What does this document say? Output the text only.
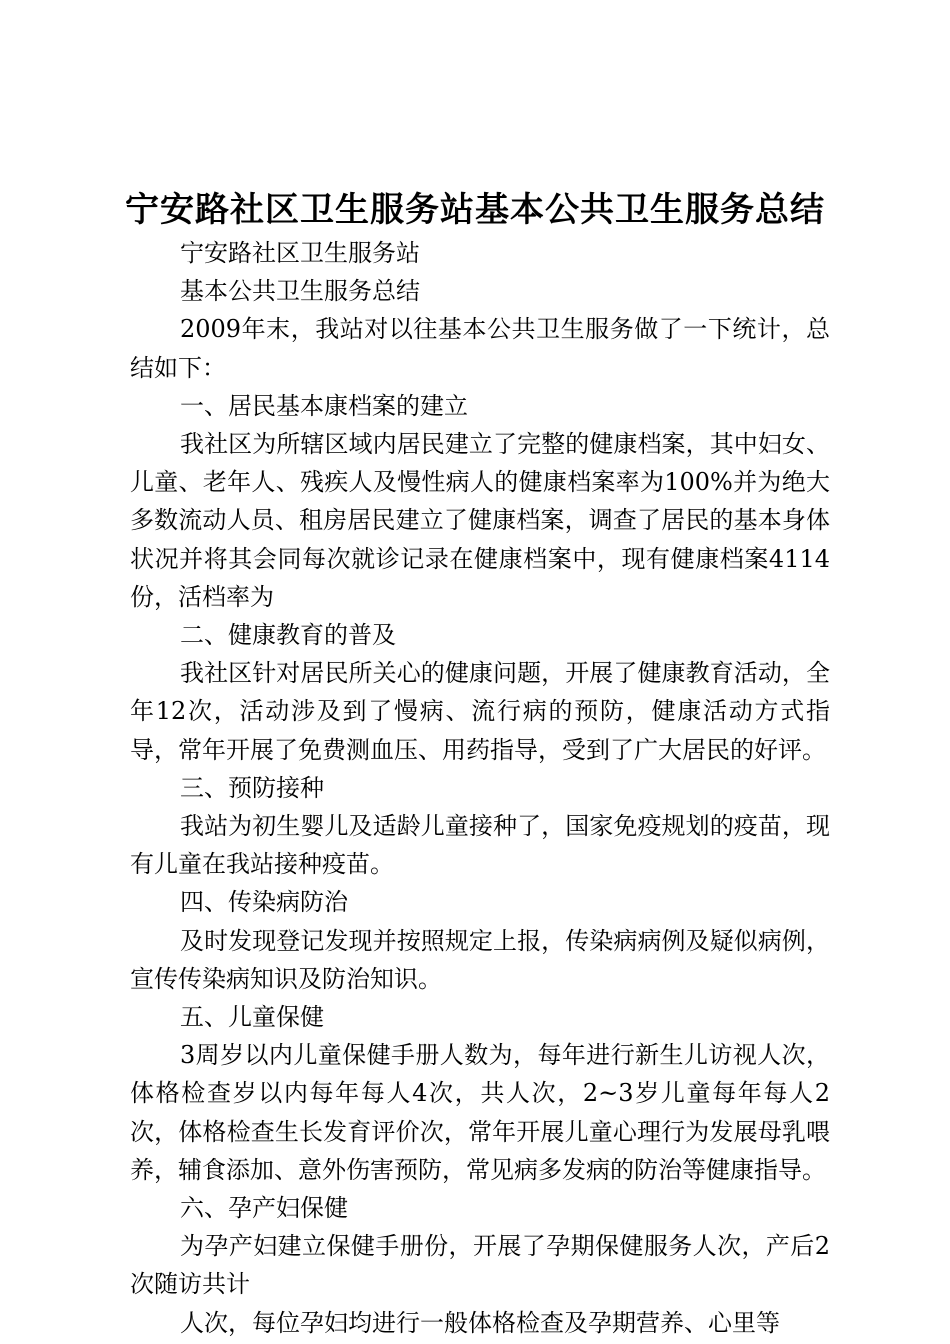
宁安路社区卫生服务站基本公共卫生服务总结

宁安路社区卫生服务站

基本公共卫生服务总结

2009年末，我站对以往基本公共卫生服务做了一下统计，总结如下：

一、居民基本康档案的建立

我社区为所辖区域内居民建立了完整的健康档案，其中妇女、儿童、老年人、残疾人及慢性病人的健康档案率为100%并为绝大多数流动人员、租房居民建立了健康档案，调查了居民的基本身体状况并将其会同每次就诊记录在健康档案中，现有健康档案4114份，活档率为

二、健康教育的普及

我社区针对居民所关心的健康问题，开展了健康教育活动，全年12次，活动涉及到了慢病、流行病的预防，健康活动方式指导，常年开展了免费测血压、用药指导，受到了广大居民的好评。

三、预防接种

我站为初生婴儿及适龄儿童接种了，国家免疫规划的疫苗，现有儿童在我站接种疫苗。

四、传染病防治

及时发现登记发现并按照规定上报，传染病病例及疑似病例，宣传传染病知识及防治知识。

五、儿童保健

3周岁以内儿童保健手册人数为，每年进行新生儿访视人次，体格检查岁以内每年每人4次，共人次，2~3岁儿童每年每人2次，体格检查生长发育评价次，常年开展儿童心理行为发展母乳喂养，辅食添加、意外伤害预防，常见病多发病的防治等健康指导。

六、孕产妇保健

为孕产妇建立保健手册份，开展了孕期保健服务人次，产后2次随访共计

人次，每位孕妇均进行一般体格检查及孕期营养、心里等
